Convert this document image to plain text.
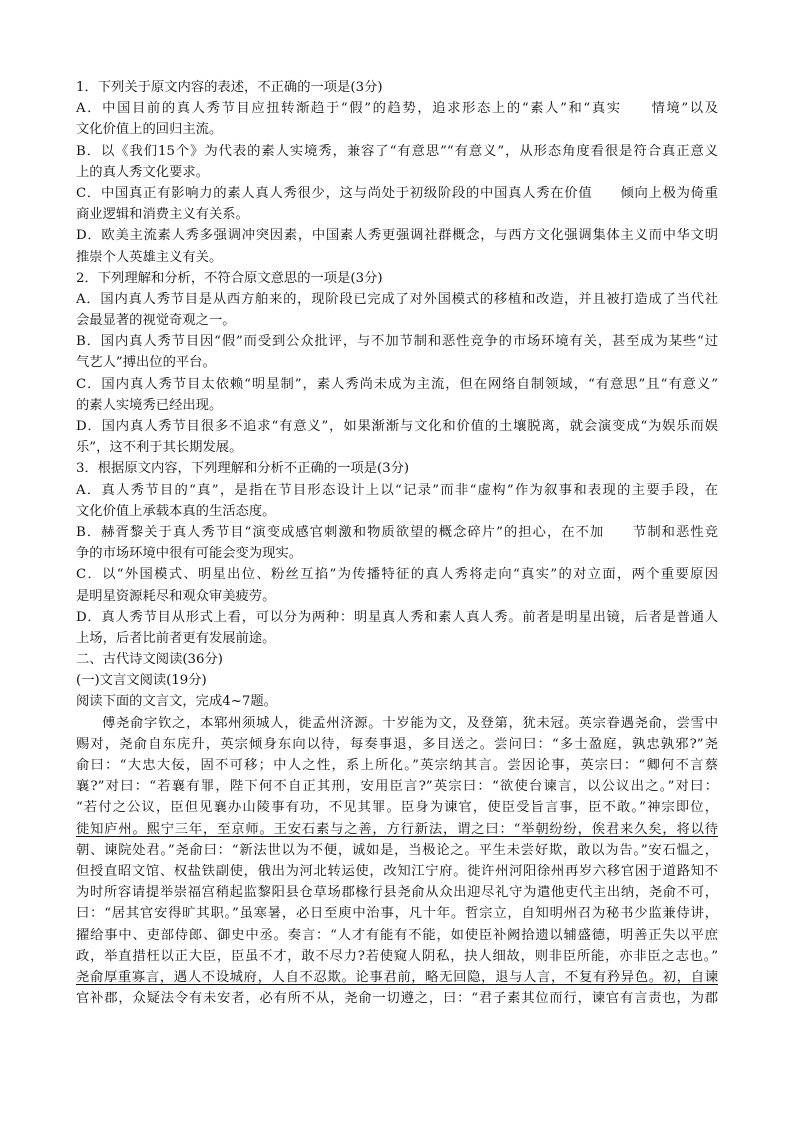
1．下列关于原文内容的表述，不正确的一项是(3分)
A．中国目前的真人秀节目应扭转渐趋于“假”的趋势，追求形态上的“素人”和“真实　　情境”以及
文化价值上的回归主流。
B．以《我们15个》为代表的素人实境秀，兼容了“有意思”“有意义”，从形态角度看很是符合真正意义
上的真人秀文化要求。
C．中国真正有影响力的素人真人秀很少，这与尚处于初级阶段的中国真人秀在价值　　倾向上极为倚重
商业逻辑和消费主义有关系。
D．欧美主流素人秀多强调冲突因素，中国素人秀更强调社群概念，与西方文化强调集体主义而中华文明
推崇个人英雄主义有关。
2．下列理解和分析，不符合原文意思的一项是(3分)
A．国内真人秀节目是从西方舶来的，现阶段已完成了对外国模式的移植和改造，并且被打造成了当代社
会最显著的视觉奇观之一。
B．国内真人秀节目因“假”而受到公众批评，与不加节制和恶性竞争的市场环境有关，甚至成为某些“过
气艺人”搏出位的平台。
C．国内真人秀节目太依赖“明星制”，素人秀尚未成为主流，但在网络自制领域，“有意思”且“有意义”
的素人实境秀已经出现。
D．国内真人秀节目很多不追求“有意义”，如果渐渐与文化和价值的土壤脱离，就会演变成“为娱乐而娱
乐”，这不利于其长期发展。
3．根据原文内容，下列理解和分析不正确的一项是(3分)
A．真人秀节目的“真”，是指在节目形态设计上以“记录”而非“虚构”作为叙事和表现的主要手段，在
文化价值上承载本真的生活态度。
B．赫胥黎关于真人秀节目“演变成感官刺激和物质欲望的概念碎片”的担心，在不加　　节制和恶性竞
争的市场环境中很有可能会变为现实。
C．以“外国模式、明星出位、粉丝互掐”为传播特征的真人秀将走向“真实”的对立面，两个重要原因
是明星资源耗尽和观众审美疲劳。
D．真人秀节目从形式上看，可以分为两种：明星真人秀和素人真人秀。前者是明星出镜，后者是普通人
上场，后者比前者更有发展前途。
二、古代诗文阅读(36分)
(一)文言文阅读(19分)
阅读下面的文言文，完成4~7题。
傅尧俞字钦之，本郓州须城人，徙孟州济源。十岁能为文，及登第，犹未冠。英宗眷遇尧俞，尝雪中
赐对，尧俞自东庑升，英宗倾身东向以待，每奏事退，多目送之。尝问曰：“多士盈庭，孰忠孰邪?”尧
俞曰：“大忠大佞，固不可移；中人之性，系上所化。”英宗纳其言。尝因论事，英宗曰：“卿何不言蔡
襄?”对曰：“若襄有罪，陛下何不自正其刑，安用臣言?”英宗曰：“欲使台谏言，以公议出之。”对曰：
“若付之公议，臣但见襄办山陵事有功，不见其罪。臣身为谏官，使臣受旨言事，臣不敢。”神宗即位，
徙知庐州。熙宁三年，至京师。王安石素与之善，方行新法，谓之曰：“举朝纷纷，俟君来久矣，将以待
朝、谏院处君。”尧俞曰：“新法世以为不便，诚如是，当极论之。平生未尝好欺，敢以为告。”安石愠之，
但授直昭文馆、权盐铁副使，俄出为河北转运使，改知江宁府。徙许州河阳徐州再岁六移官困于道路知不
为时所容请提举崇福宫稍起监黎阳县仓草场郡椽行县尧俞从众出迎尽礼守为遣他吏代主出纳，尧俞不可，
曰：“居其官安得旷其职。”虽寒暑，必日至庾中治事，凡十年。哲宗立，自知明州召为秘书少监兼侍讲，
擢给事中、吏部侍郎、御史中丞。奏言：“人才有能有不能，如使臣补阙拾遗以辅盛德，明善正失以平庶
政，举直措枉以正大臣，臣虽不才，敢不尽力?若使窥人阴私，抉人细故，则非臣所能，亦非臣之志也。”
尧俞厚重寡言，遇人不设城府，人自不忍欺。论事君前，略无回隐，退与人言，不复有矜异色。初，自谏
官补郡，众疑法令有未安者，必有所不从，尧俞一切遵之，曰：“君子素其位而行，谏官有言责也，为郡
